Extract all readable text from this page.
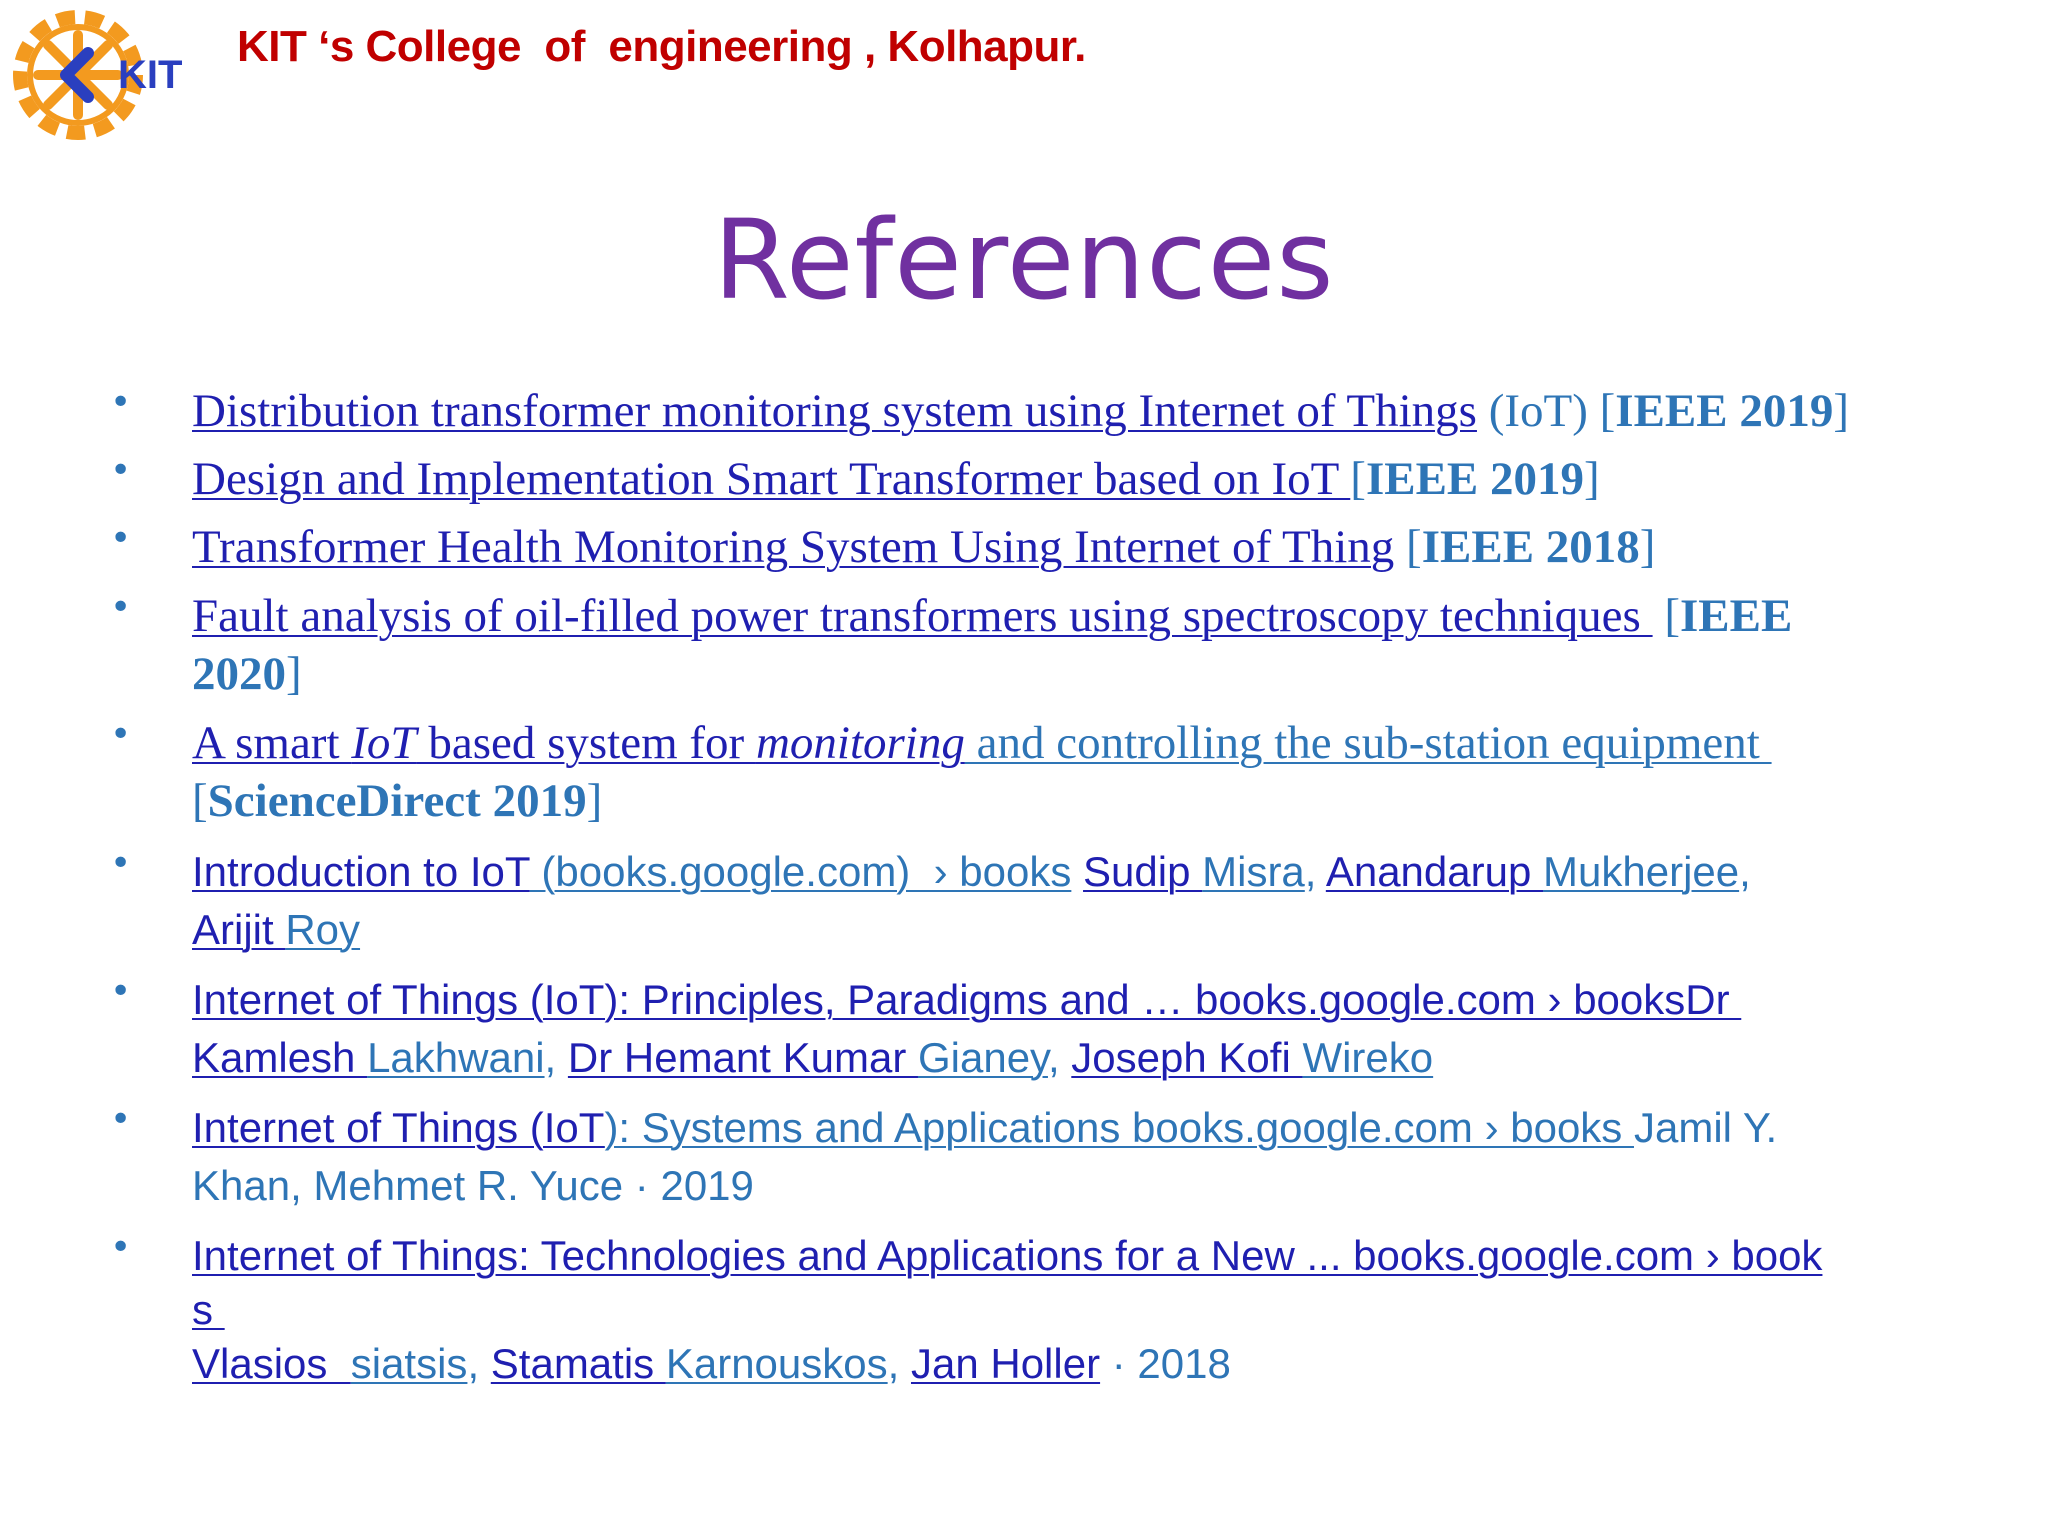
KIT
KIT ‘s College  of  engineering , Kolhapur.
References
• Distribution transformer monitoring system using Internet of Things (IoT) [IEEE 2019]
• Design and Implementation Smart Transformer based on IoT [IEEE 2019]
• Transformer Health Monitoring System Using Internet of Thing [IEEE 2018]
• Fault analysis of oil-filled power transformers using spectroscopy techniques  [IEEE
2020]
• A smart IoT based system for monitoring and controlling the sub-station equipment
[ScienceDirect 2019]
• Introduction to IoT (books.google.com)  › books Sudip Misra, Anandarup Mukherjee,
Arijit Roy
• Internet of Things (IoT): Principles, Paradigms and … books.google.com › booksDr
Kamlesh Lakhwani, Dr Hemant Kumar Gianey, Joseph Kofi Wireko
• Internet of Things (IoT): Systems and Applications books.google.com › books Jamil Y.
Khan, Mehmet R. Yuce · 2019
• Internet of Things: Technologies and Applications for a New ... books.google.com › book
s
Vlasios  siatsis, Stamatis Karnouskos, Jan Holler · 2018
